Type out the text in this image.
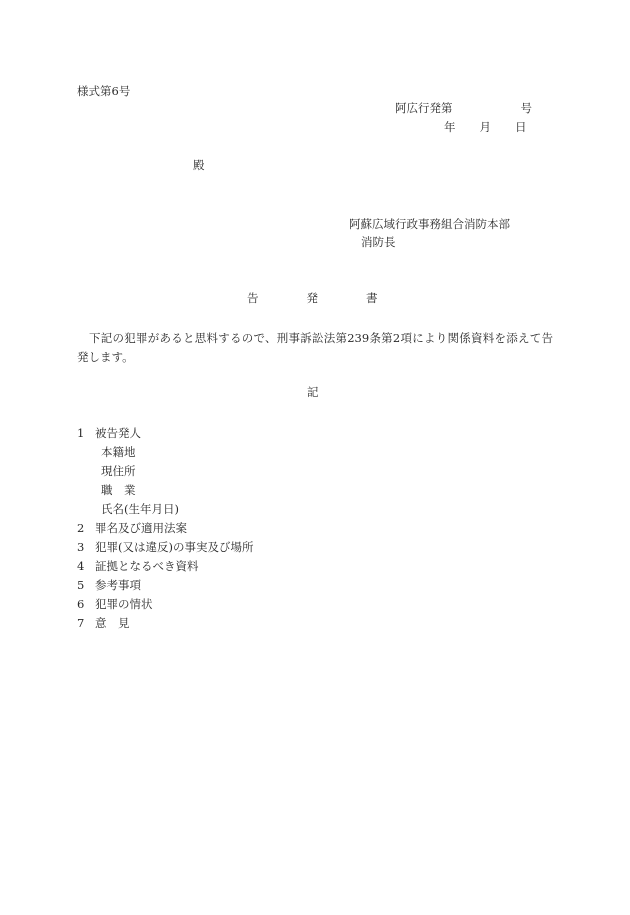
様式第6号
阿広行発第	号
年 月 日
殿
阿蘇広域行政事務組合消防本部
消防長
告	発	書
下記の犯罪があると思料するので、刑事訴訟法第239条第2項により関係資料を添えて告発します。
記
1 被告発人
本籍地
現住所
職　業
氏名(生年月日)
2 罪名及び適用法案
3 犯罪(又は違反)の事実及び場所
4 証拠となるべき資料
5 参考事項
6 犯罪の情状
7 意　見
